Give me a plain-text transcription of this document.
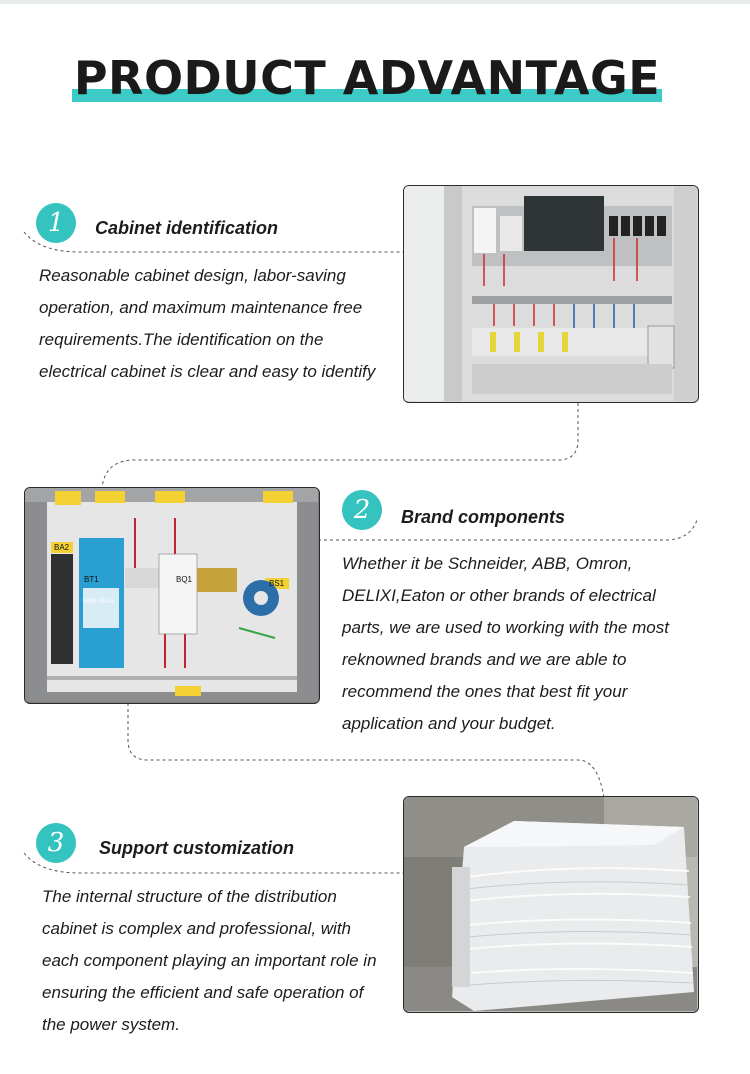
PRODUCT ADVANTAGE
1	Cabinet identification
Reasonable cabinet design, labor-saving operation, and maximum maintenance free requirements.The identification on the electrical cabinet is clear and easy to identify
BA2
BT1	BQ1	BS1
NDR-75-24
2	Brand components
Whether it be Schneider, ABB, Omron, DELIXI,Eaton or other brands of electrical parts, we are used to working with the most reknowned brands and we are able to recommend the ones that best fit your application and your budget.
3	Support customization
The internal structure of the distribution cabinet is complex and professional, with each component playing an important role in ensuring the efficient and safe operation of the power system.
